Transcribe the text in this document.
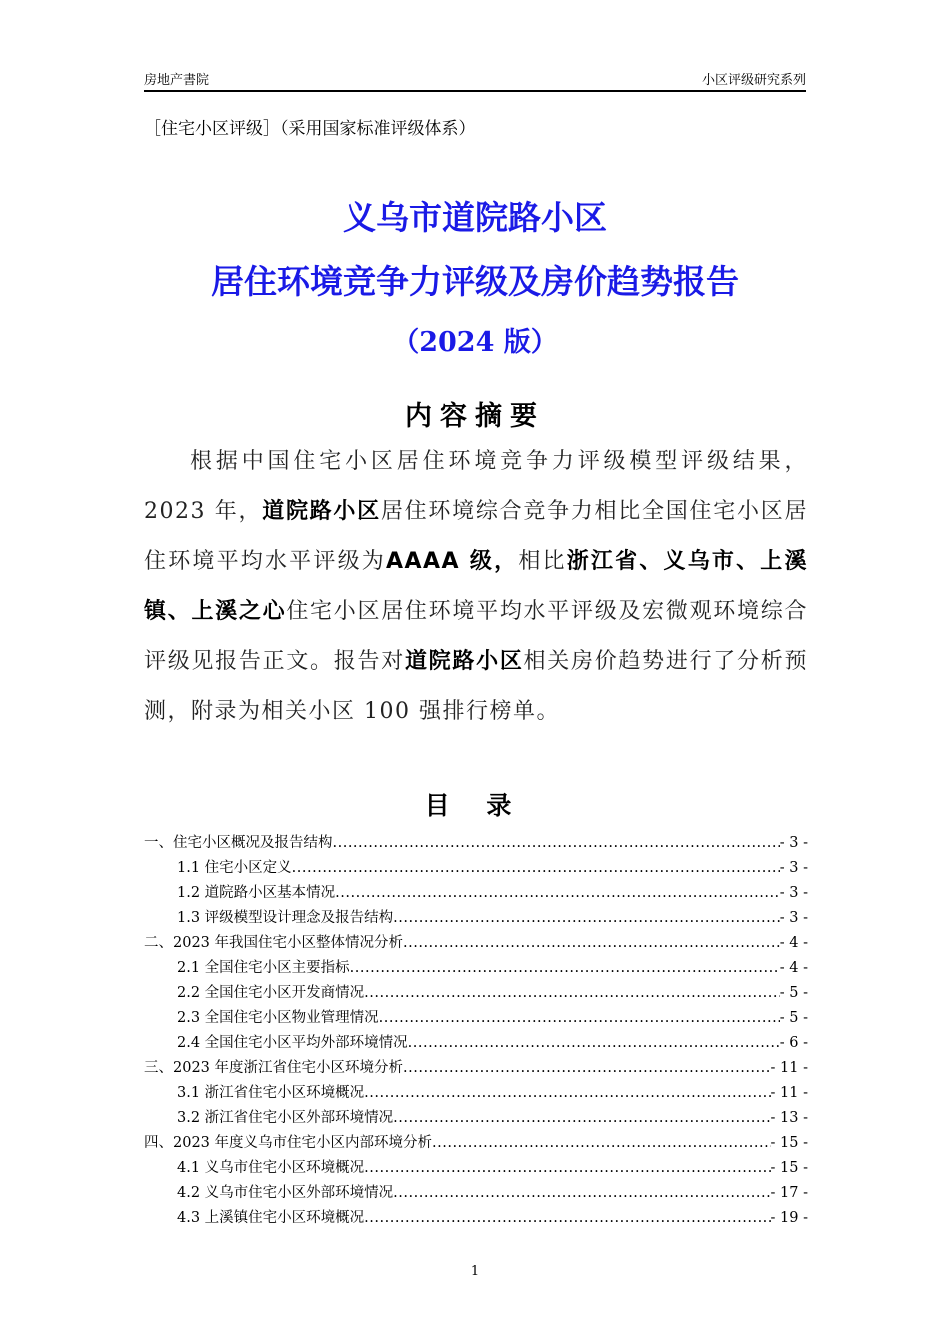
房地产書院	小区评级研究系列
［住宅小区评级］（采用国家标准评级体系）
义乌市道院路小区
居住环境竞争力评级及房价趋势报告
（2024 版）
内容摘要
根据中国住宅小区居住环境竞争力评级模型评级结果，2023 年，道院路小区居住环境综合竞争力相比全国住宅小区居住环境平均水平评级为AAAA 级，相比浙江省、义乌市、上溪镇、上溪之心住宅小区居住环境平均水平评级及宏微观环境综合评级见报告正文。报告对道院路小区相关房价趋势进行了分析预测，附录为相关小区 100 强排行榜单。
目 录
一、住宅小区概况及报告结构 .....	- 3 -
1.1 住宅小区定义 .....	- 3 -
1.2 道院路小区基本情况 .....	- 3 -
1.3 评级模型设计理念及报告结构 .....	- 3 -
二、2023 年我国住宅小区整体情况分析 .....	- 4 -
2.1 全国住宅小区主要指标 .....	- 4 -
2.2 全国住宅小区开发商情况 .....	- 5 -
2.3 全国住宅小区物业管理情况 .....	- 5 -
2.4 全国住宅小区平均外部环境情况 .....	- 6 -
三、2023 年度浙江省住宅小区环境分析 .....	- 11 -
3.1 浙江省住宅小区环境概况 .....	- 11 -
3.2 浙江省住宅小区外部环境情况 .....	- 13 -
四、2023 年度义乌市住宅小区内部环境分析 .....	- 15 -
4.1 义乌市住宅小区环境概况 .....	- 15 -
4.2 义乌市住宅小区外部环境情况 .....	- 17 -
4.3 上溪镇住宅小区环境概况 .....	- 19 -
1
